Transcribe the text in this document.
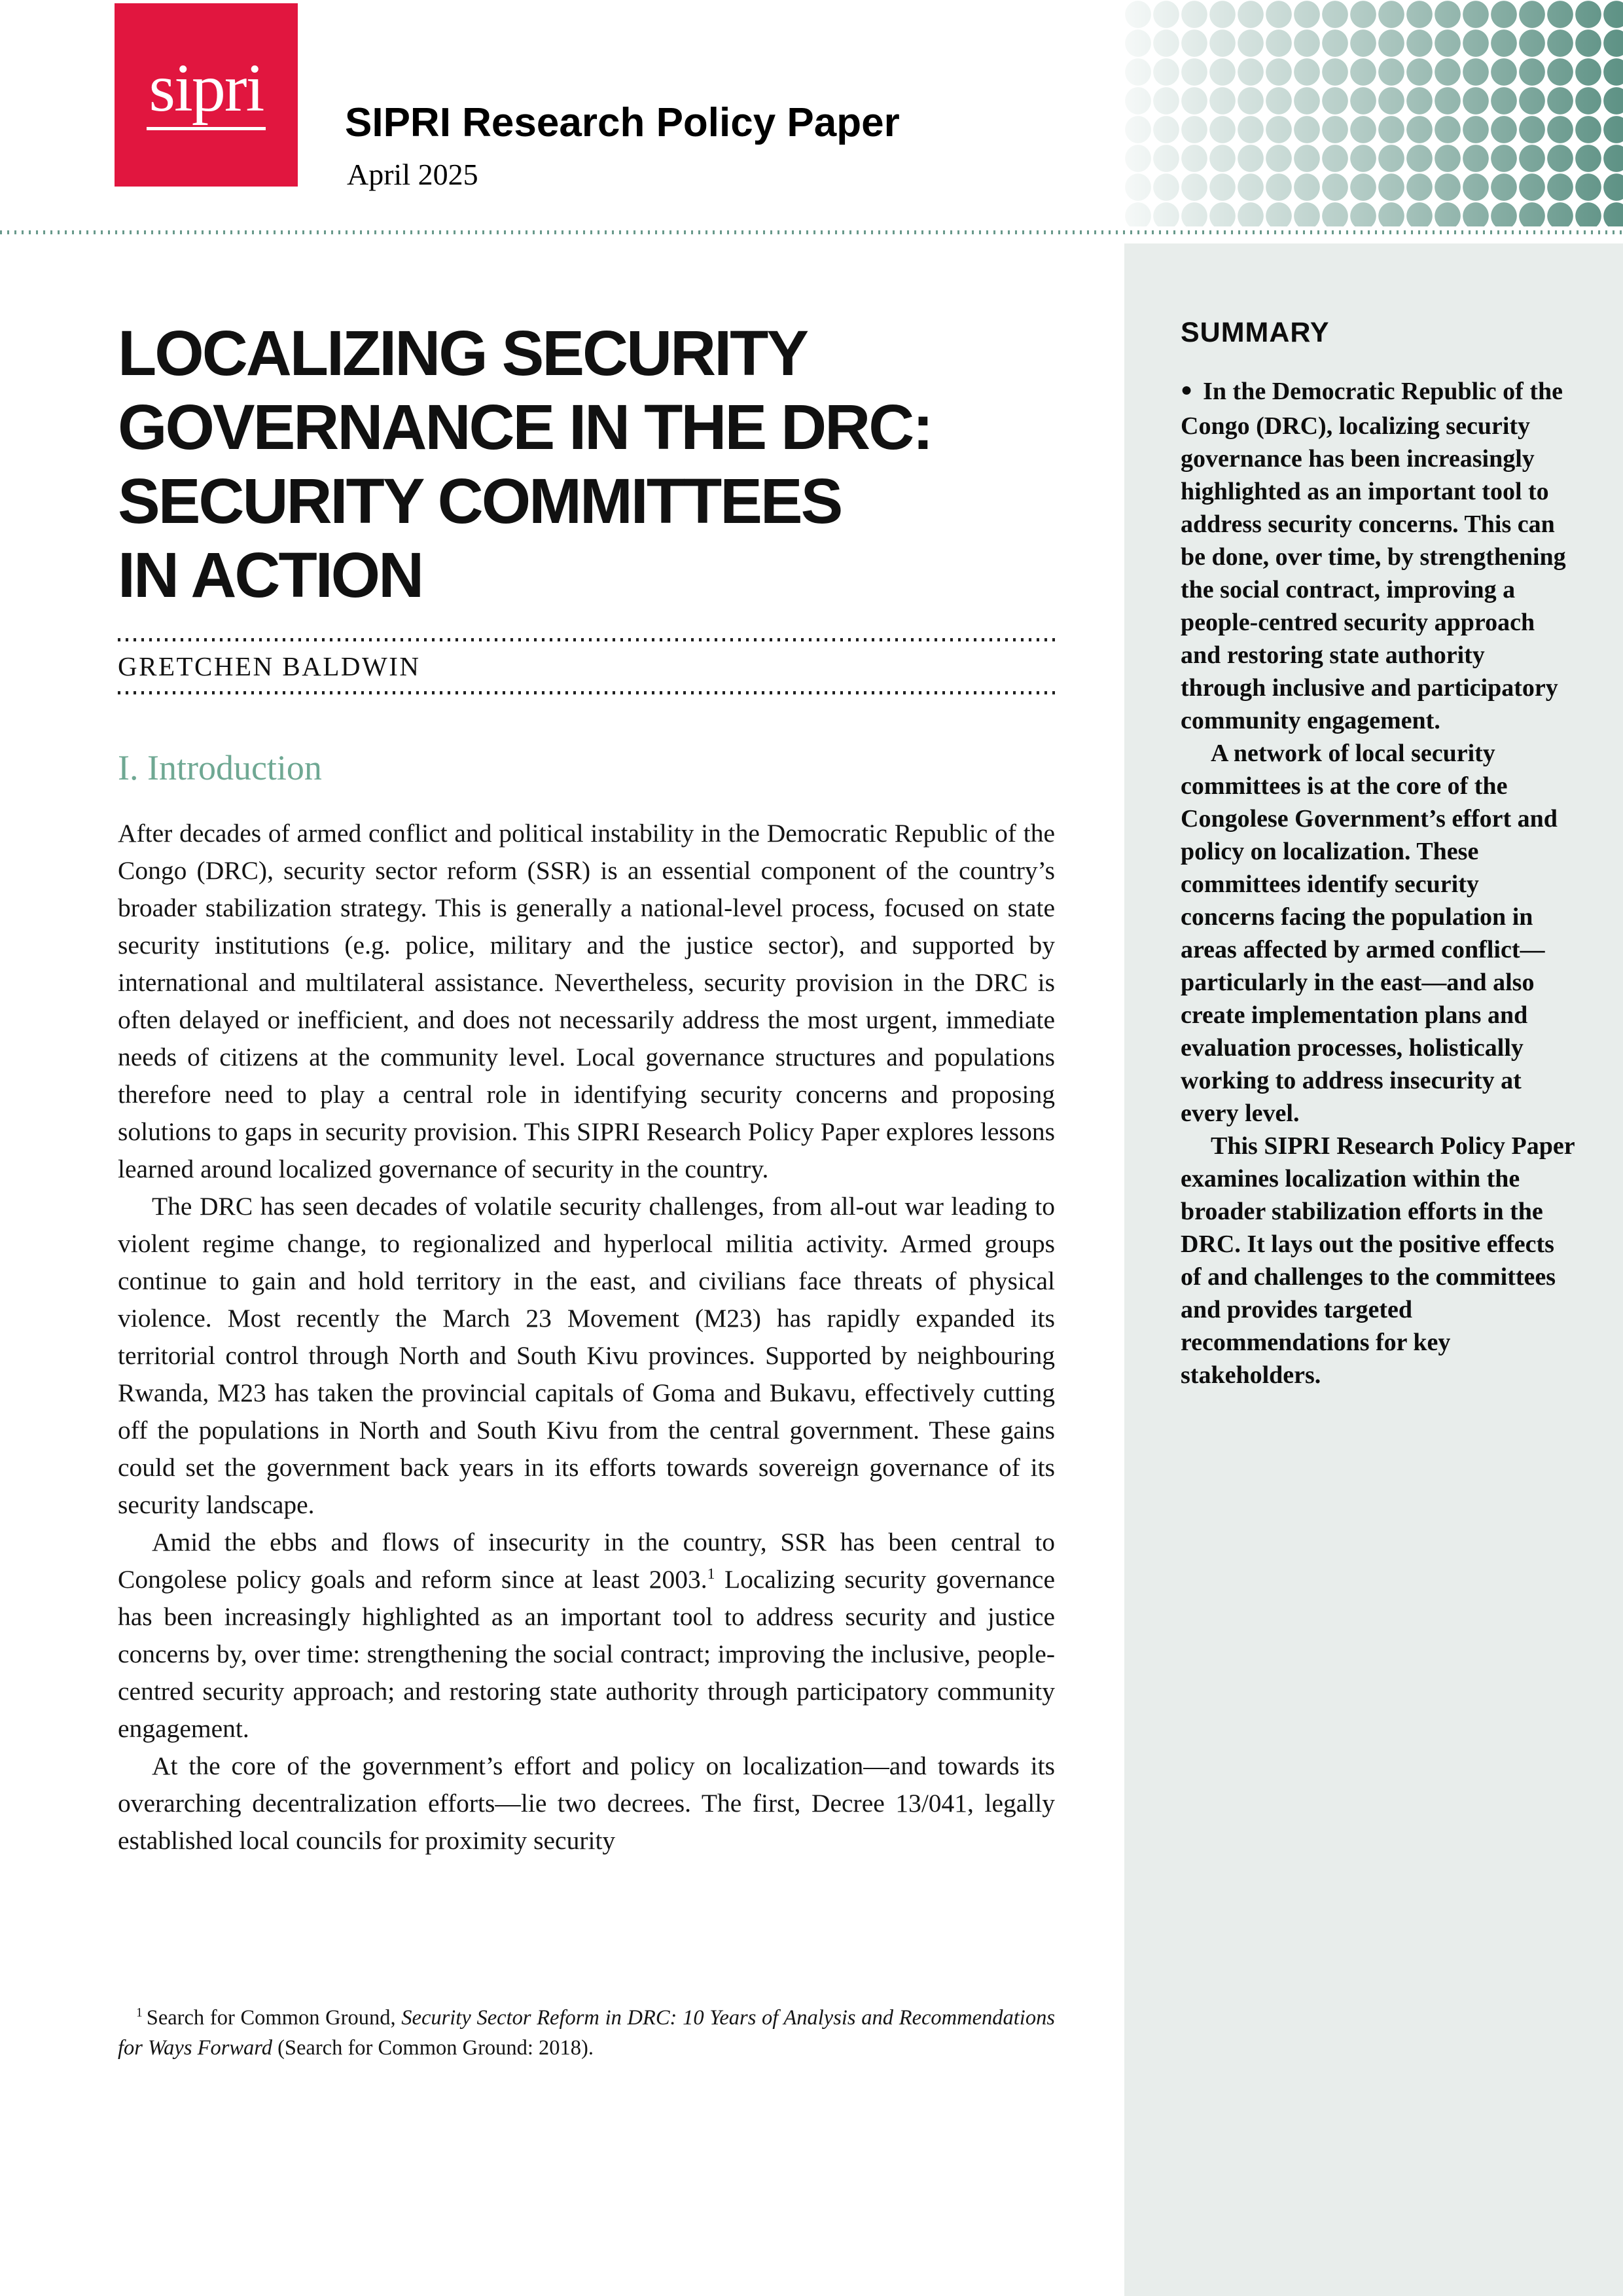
sipri SIPRI Research Policy Paper
April 2025
LOCALIZING SECURITY
GOVERNANCE IN THE DRC:
SECURITY COMMITTEES
IN ACTION
GRETCHEN BALDWIN
I. Introduction

After decades of armed conflict and political instability in the Democratic Republic of the Congo (DRC), security sector reform (SSR) is an essential component of the country’s broader stabilization strategy. This is generally a national-level process, focused on state security institutions (e.g. police, military and the justice sector), and supported by international and multilateral assistance. Nevertheless, security provision in the DRC is often delayed or inefficient, and does not necessarily address the most urgent, immediate needs of citizens at the community level. Local governance structures and populations therefore need to play a central role in identifying security concerns and proposing solutions to gaps in security provision. This SIPRI Research Policy Paper explores lessons learned around localized governance of security in the country.

The DRC has seen decades of volatile security challenges, from all-out war leading to violent regime change, to regionalized and hyperlocal militia activity. Armed groups continue to gain and hold territory in the east, and civilians face threats of physical violence. Most recently the March 23 Movement (M23) has rapidly expanded its territorial control through North and South Kivu provinces. Supported by neighbouring Rwanda, M23 has taken the provincial capitals of Goma and Bukavu, effectively cutting off the populations in North and South Kivu from the central government. These gains could set the government back years in its efforts towards sovereign governance of its security landscape.

Amid the ebbs and flows of insecurity in the country, SSR has been central to Congolese policy goals and reform since at least 2003.$^1$ Localizing security governance has been increasingly highlighted as an important tool to address security and justice concerns by, over time: strengthening the social contract; improving the inclusive, people-centred security approach; and restoring state authority through participatory community engagement.

At the core of the government’s effort and policy on localization—and towards its overarching decentralization efforts—lie two decrees. The first, Decree 13/041, legally established local councils for proximity security

$^1$ Search for Common Ground, Security Sector Reform in DRC: 10 Years of Analysis and Recommendations for Ways Forward (Search for Common Ground: 2018).

SUMMARY

● In the Democratic Republic of the Congo (DRC), localizing security governance has been increasingly highlighted as an important tool to address security concerns. This can be done, over time, by strengthening the social contract, improving a people-centred security approach and restoring state authority through inclusive and participatory community engagement.

A network of local security committees is at the core of the Congolese Government’s effort and policy on localization. These committees identify security concerns facing the population in areas affected by armed conflict—particularly in the east—and also create implementation plans and evaluation processes, holistically working to address insecurity at every level.

This SIPRI Research Policy Paper examines localization within the broader stabilization efforts in the DRC. It lays out the positive effects of and challenges to the committees and provides targeted recommendations for key stakeholders.
